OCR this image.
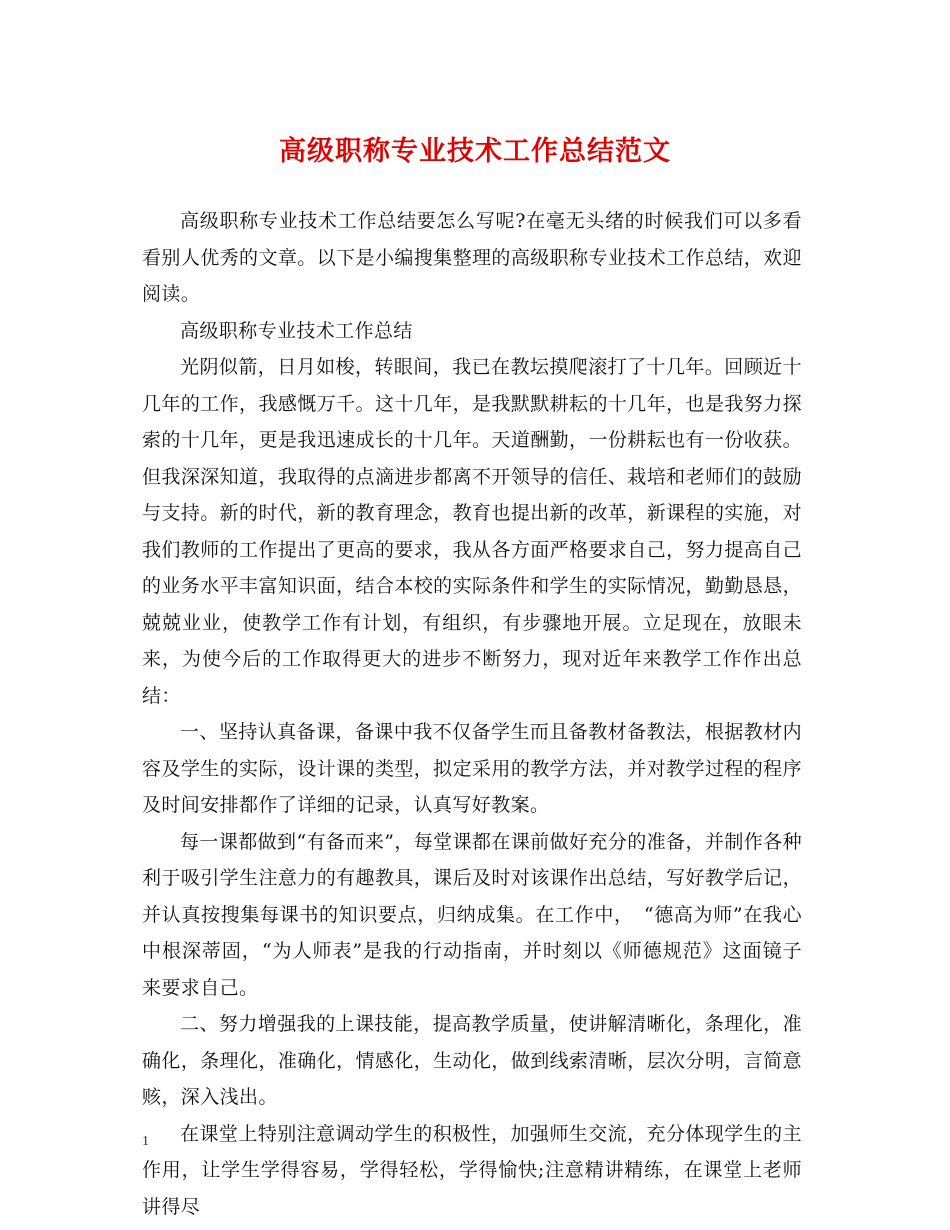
高级职称专业技术工作总结范文

高级职称专业技术工作总结要怎么写呢?在毫无头绪的时候我们可以多看看别人优秀的文章。以下是小编搜集整理的高级职称专业技术工作总结，欢迎阅读。

高级职称专业技术工作总结

光阴似箭，日月如梭，转眼间，我已在教坛摸爬滚打了十几年。回顾近十几年的工作，我感慨万千。这十几年，是我默默耕耘的十几年，也是我努力探索的十几年，更是我迅速成长的十几年。天道酬勤，一份耕耘也有一份收获。但我深深知道，我取得的点滴进步都离不开领导的信任、栽培和老师们的鼓励与支持。新的时代，新的教育理念，教育也提出新的改革，新课程的实施，对我们教师的工作提出了更高的要求，我从各方面严格要求自己，努力提高自己的业务水平丰富知识面，结合本校的实际条件和学生的实际情况，勤勤恳恳，兢兢业业，使教学工作有计划，有组织，有步骤地开展。立足现在，放眼未来，为使今后的工作取得更大的进步不断努力，现对近年来教学工作作出总结：

一、坚持认真备课，备课中我不仅备学生而且备教材备教法，根据教材内容及学生的实际，设计课的类型，拟定采用的教学方法，并对教学过程的程序及时间安排都作了详细的记录，认真写好教案。

每一课都做到“有备而来”，每堂课都在课前做好充分的准备，并制作各种利于吸引学生注意力的有趣教具，课后及时对该课作出总结，写好教学后记，并认真按搜集每课书的知识要点，归纳成集。在工作中，　“德高为师”在我心中根深蒂固，“为人师表”是我的行动指南，并时刻以《师德规范》这面镜子来要求自己。

二、努力增强我的上课技能，提高教学质量，使讲解清晰化，条理化，准确化，条理化，准确化，情感化，生动化，做到线索清晰，层次分明，言简意赅，深入浅出。

在课堂上特别注意调动学生的积极性，加强师生交流，充分体现学生的主作用，让学生学得容易，学得轻松，学得愉快;注意精讲精练，在课堂上老师讲得尽

1
